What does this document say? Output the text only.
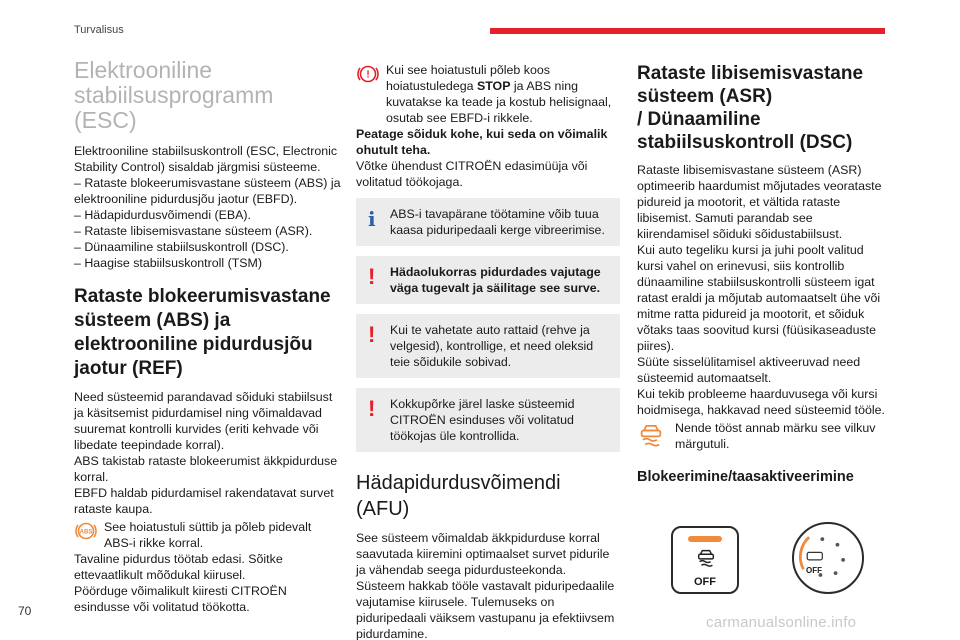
Turvalisus
Elektrooniline
stabiilsusprogramm (ESC)

Elektrooniline stabiilsuskontroll (ESC, Electronic Stability Control) sisaldab järgmisi süsteeme.

– Rataste blokeerumisvastane süsteem (ABS) ja elektrooniline pidurdusjõu jaotur (EBFD).
– Hädapidurdusvõimendi (EBA).
– Rataste libisemisvastane süsteem (ASR).
– Dünaamiline stabiilsuskontroll (DSC).
– Haagise stabiilsuskontroll (TSM)
Rataste blokeerumisvastane
süsteem (ABS) ja
elektrooniline pidurdusjõu
jaotur (REF)

Need süsteemid parandavad sõiduki stabiilsust ja käsitsemist pidurdamisel ning võimaldavad suuremat kontrolli kurvides (eriti kehvade või libedate teepindade korral).

ABS takistab rataste blokeerumist äkkpidurduse korral.

EBFD haldab pidurdamisel rakendatavat survet rataste kaupa.

ABS See hoiatustuli süttib ja põleb pidevalt ABS-i rikke korral.

Tavaline pidurdus töötab edasi. Sõitke ettevaatlikult mõõdukal kiirusel.

Pöörduge võimalikult kiiresti CITROËN esindusse või volitatud töökotta.

! Kui see hoiatustuli põleb koos hoiatustuledega STOP ja ABS ning kuvatakse ka teade ja kostub helisignaal, osutab see EBFD-i rikkele.

Peatage sõiduk kohe, kui seda on võimalik ohutult teha.

Võtke ühendust CITROËN edasimüüja või volitatud töökojaga.

i ABS-i tavapärane töötamine võib tuua kaasa piduripedaali kerge vibreerimise.
! Hädaolukorras pidurdades vajutage väga tugevalt ja säilitage see surve.
! Kui te vahetate auto rattaid (rehve ja velgesid), kontrollige, et need oleksid teie sõidukile sobivad.
! Kokkupõrke järel laske süsteemid CITROËN esinduses või volitatud töökojas üle kontrollida.
Hädapidurdusvõimendi
(AFU)

See süsteem võimaldab äkkpidurduse korral saavutada kiiremini optimaalset survet pidurile ja vähendab seega pidurdusteekonda.

Süsteem hakkab tööle vastavalt piduripedaalile vajutamise kiirusele. Tulemuseks on piduripedaali väiksem vastupanu ja efektiivsem pidurdamine.

Rataste libisemisvastane
süsteem (ASR)
/ Dünaamiline
stabiilsuskontroll (DSC)

Rataste libisemisvastane süsteem (ASR) optimeerib haardumist mõjutades veorataste pidureid ja mootorit, et vältida rataste libisemist. Samuti parandab see kiirendamisel sõiduki sõidustabiilsust.

Kui auto tegeliku kursi ja juhi poolt valitud kursi vahel on erinevusi, siis kontrollib dünaamiline stabiilsuskontrolli süsteem igat ratast eraldi ja mõjutab automaatselt ühe või mitme ratta pidureid ja mootorit, et sõiduk võtaks taas soovitud kursi (füüsikaseaduste piires).

Süüte sisselülitamisel aktiveeruvad need süsteemid automaatselt.

Kui tekib probleeme haarduvusega või kursi hoidmisega, hakkavad need süsteemid tööle.

Nende tööst annab märku see vilkuv märgutuli.

Blokeerimine/taasaktiveerimine
OFF
OFF
70
carmanualsonline.info
